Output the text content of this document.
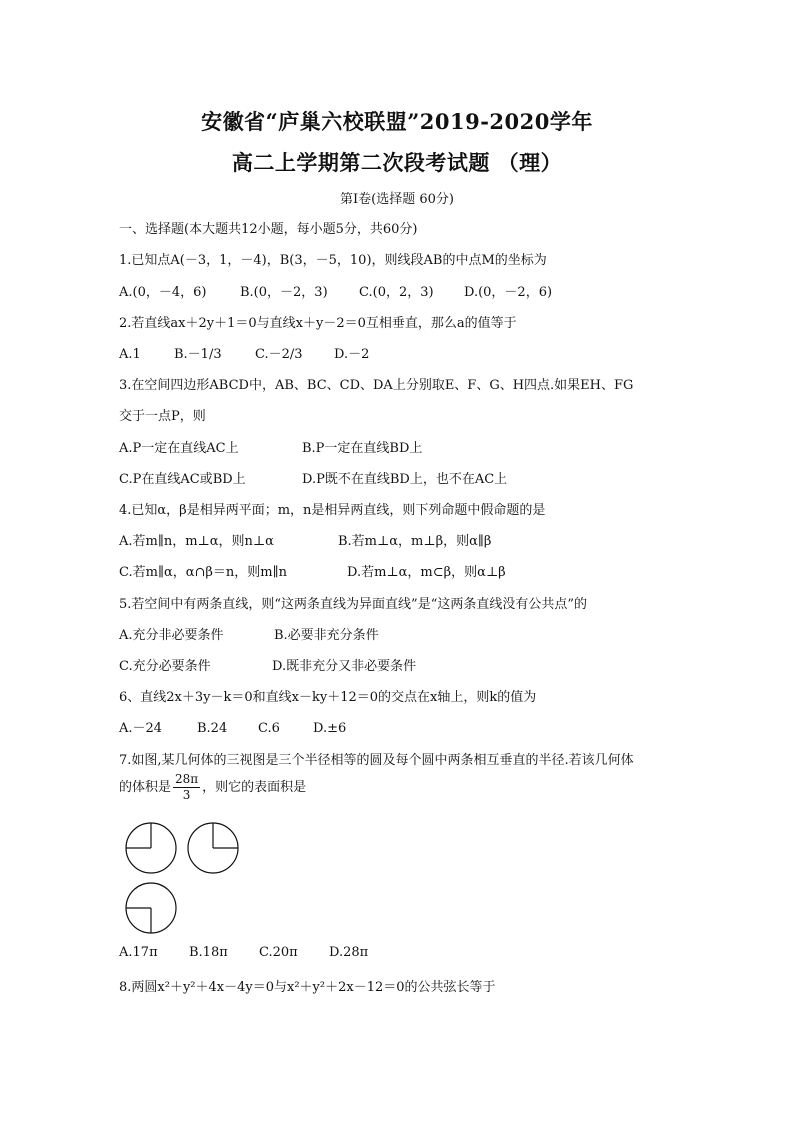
安徽省“庐巢六校联盟”2019-2020学年
高二上学期第二次段考试题 （理）
第Ⅰ卷(选择题 60分)
一、选择题(本大题共12小题，每小题5分，共60分)
1.已知点A(－3，1，－4)，B(3，－5，10)，则线段AB的中点M的坐标为
A.(0，－4，6)	B.(0，－2，3) C.(0，2，3) D.(0，－2，6)
2.若直线ax＋2y＋1＝0与直线x＋y－2＝0互相垂直，那么a的值等于
A.1	B.－1/3	C.－2/3 D.－2
3.在空间四边形ABCD中，AB、BC、CD、DA上分别取E、F、G、H四点.如果EH、FG
交于一点P，则
A.P一定在直线AC上	B.P一定在直线BD上
C.P在直线AC或BD上	D.P既不在直线BD上，也不在AC上
4.已知α，β是相异两平面；m，n是相异两直线，则下列命题中假命题的是
A.若m∥n，m⊥α，则n⊥α	B.若m⊥α，m⊥β，则α∥β
C.若m∥α，α∩β＝n，则m∥n	D.若m⊥α，m⊂β，则α⊥β
5.若空间中有两条直线，则“这两条直线为异面直线”是“这两条直线没有公共点”的
A.充分非必要条件	B.必要非充分条件
C.充分必要条件	D.既非充分又非必要条件
6、直线2x＋3y－k＝0和直线x－ky＋12＝0的交点在x轴上，则k的值为
A.－24	B.24 C.6	D.±6
7.如图,某几何体的三视图是三个半径相等的圆及每个圆中两条相互垂直的半径.若该几何体
的体积是 $\frac{28\pi}{3}$ ，则它的表面积是
A.17π B.18π C.20π D.28π
8.两圆x²＋y²＋4x－4y＝0与x²＋y²＋2x－12＝0的公共弦长等于
